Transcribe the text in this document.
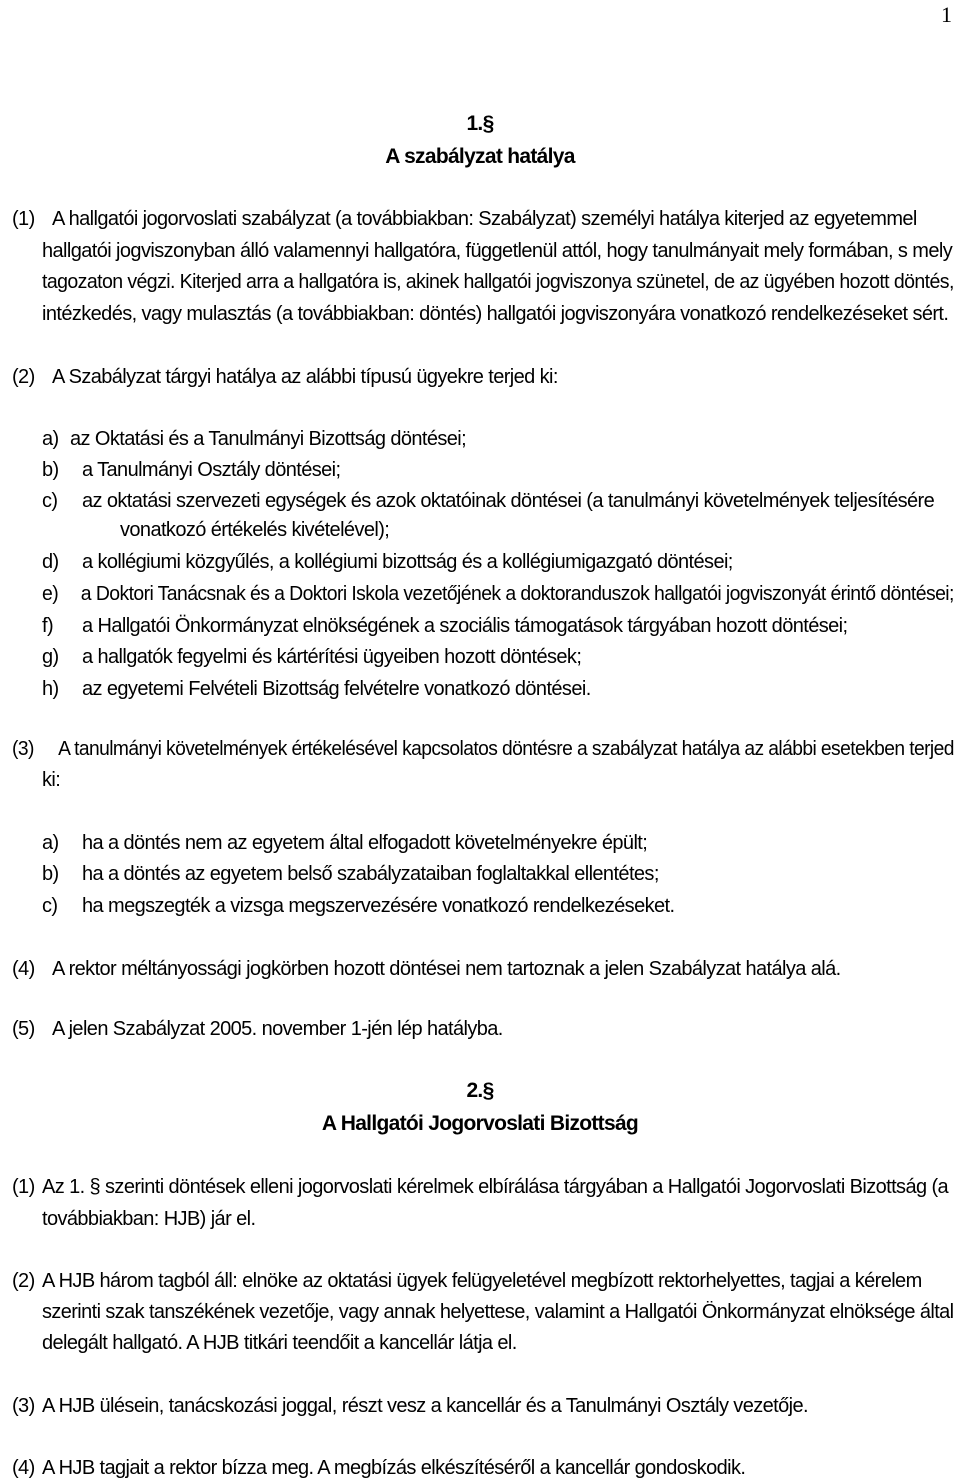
1
1.§
A szabályzat hatálya
(1) A hallgatói jogorvoslati szabályzat (a továbbiakban: Szabályzat) személyi hatálya kiterjed az egyetemmel
hallgatói jogviszonyban álló valamennyi hallgatóra, függetlenül attól, hogy tanulmányait mely formában, s mely
tagozaton végzi. Kiterjed arra a hallgatóra is, akinek hallgatói jogviszonya szünetel, de az ügyében hozott döntés,
intézkedés, vagy mulasztás (a továbbiakban: döntés) hallgatói jogviszonyára vonatkozó rendelkezéseket sért.
(2) A Szabályzat tárgyi hatálya az alábbi típusú ügyekre terjed ki:
a) az Oktatási és a Tanulmányi Bizottság döntései;
b) a Tanulmányi Osztály döntései;
c) az oktatási szervezeti egységek és azok oktatóinak döntései (a tanulmányi követelmények teljesítésére
vonatkozó értékelés kivételével);
d) a kollégiumi közgyűlés, a kollégiumi bizottság és a kollégiumigazgató döntései;
e) a Doktori Tanácsnak és a Doktori Iskola vezetőjének a doktoranduszok hallgatói jogviszonyát érintő döntései;
f) a Hallgatói Önkormányzat elnökségének a szociális támogatások tárgyában hozott döntései;
g) a hallgatók fegyelmi és kártérítési ügyeiben hozott döntések;
h) az egyetemi Felvételi Bizottság felvételre vonatkozó döntései.
(3) A tanulmányi követelmények értékelésével kapcsolatos döntésre a szabályzat hatálya az alábbi esetekben terjed
ki:
a) ha a döntés nem az egyetem által elfogadott követelményekre épült;
b) ha a döntés az egyetem belső szabályzataiban foglaltakkal ellentétes;
c) ha megszegték a vizsga megszervezésére vonatkozó rendelkezéseket.
(4) A rektor méltányossági jogkörben hozott döntései nem tartoznak a jelen Szabályzat hatálya alá.
(5) A jelen Szabályzat 2005. november 1-jén lép hatályba.
2.§
A Hallgatói Jogorvoslati Bizottság
(1) Az 1. § szerinti döntések elleni jogorvoslati kérelmek elbírálása tárgyában a Hallgatói Jogorvoslati Bizottság (a
továbbiakban: HJB) jár el.
(2) A HJB három tagból áll: elnöke az oktatási ügyek felügyeletével megbízott rektorhelyettes, tagjai a kérelem
szerinti szak tanszékének vezetője, vagy annak helyettese, valamint a Hallgatói Önkormányzat elnöksége által
delegált hallgató. A HJB titkári teendőit a kancellár látja el.
(3) A HJB ülésein, tanácskozási joggal, részt vesz a kancellár és a Tanulmányi Osztály vezetője.
(4) A HJB tagjait a rektor bízza meg. A megbízás elkészítéséről a kancellár gondoskodik.
